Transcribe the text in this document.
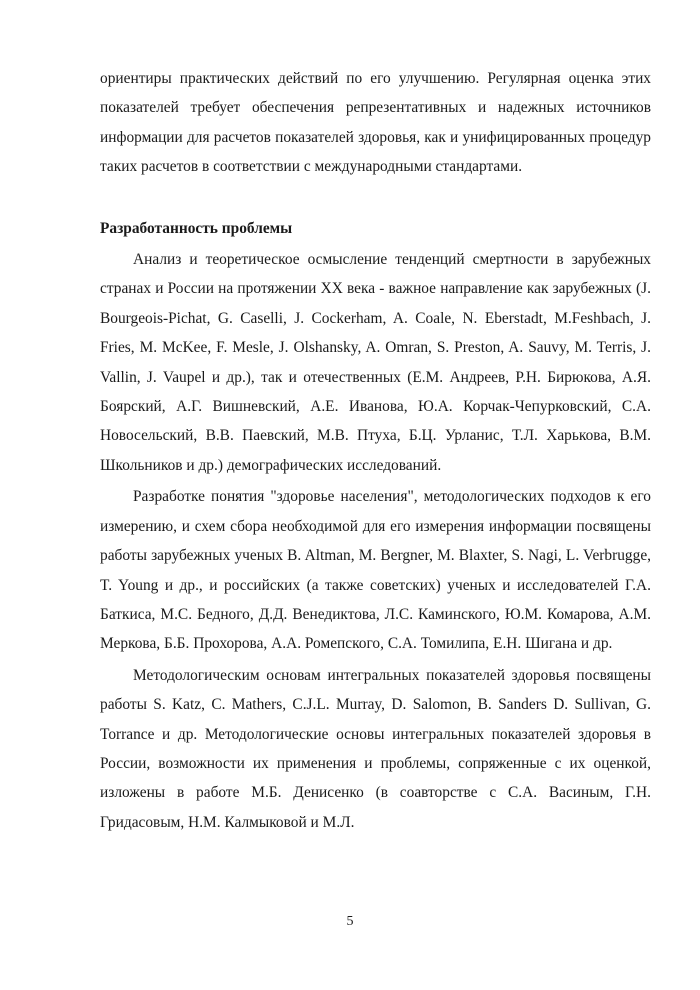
ориентиры практических действий по его улучшению. Регулярная оценка этих показателей требует обеспечения репрезентативных и надежных источников информации для расчетов показателей здоровья, как и унифицированных процедур таких расчетов в соответствии с международными стандартами.

Разработанность проблемы

Анализ и теоретическое осмысление тенденций смертности в зарубежных странах и России на протяжении XX века - важное направление как зарубежных (J. Bourgeois-Pichat, G. Caselli, J. Cockerham, A. Coale, N. Eberstadt, M.Feshbach, J. Fries, M. McKee, F. Mesle, J. Olshansky, A. Omran, S. Preston, A. Sauvy, M. Terris, J. Vallin, J. Vaupel и др.), так и отечественных (Е.М. Андреев, Р.Н. Бирюкова, А.Я. Боярский, А.Г. Вишневский, А.Е. Иванова, Ю.А. Корчак-Чепурковский, С.А. Новосельский, В.В. Паевский, М.В. Птуха, Б.Ц. Урланис, Т.Л. Харькова, В.М. Школьников и др.) демографических исследований.

Разработке понятия "здоровье населения", методологических подходов к его измерению, и схем сбора необходимой для его измерения информации посвящены работы зарубежных ученых B. Altman, M. Bergner, M. Blaxter, S. Nagi, L. Verbrugge, T. Young и др., и российских (а также советских) ученых и исследователей Г.А. Баткиса, М.С. Бедного, Д.Д. Венедиктова, Л.С. Каминского, Ю.М. Комарова, А.М. Меркова, Б.Б. Прохорова, А.А. Ромепского, С.А. Томилипа, Е.Н. Шигана и др.

Методологическим основам интегральных показателей здоровья посвящены работы S. Katz, C. Mathers, C.J.L. Murray, D. Salomon, B. Sanders D. Sullivan, G. Torrance и др. Методологические основы интегральных показателей здоровья в России, возможности их применения и проблемы, сопряженные с их оценкой, изложены в работе М.Б. Денисенко (в соавторстве с С.А. Васиным, Г.Н. Гридасовым, Н.М. Калмыковой и М.Л.

5
